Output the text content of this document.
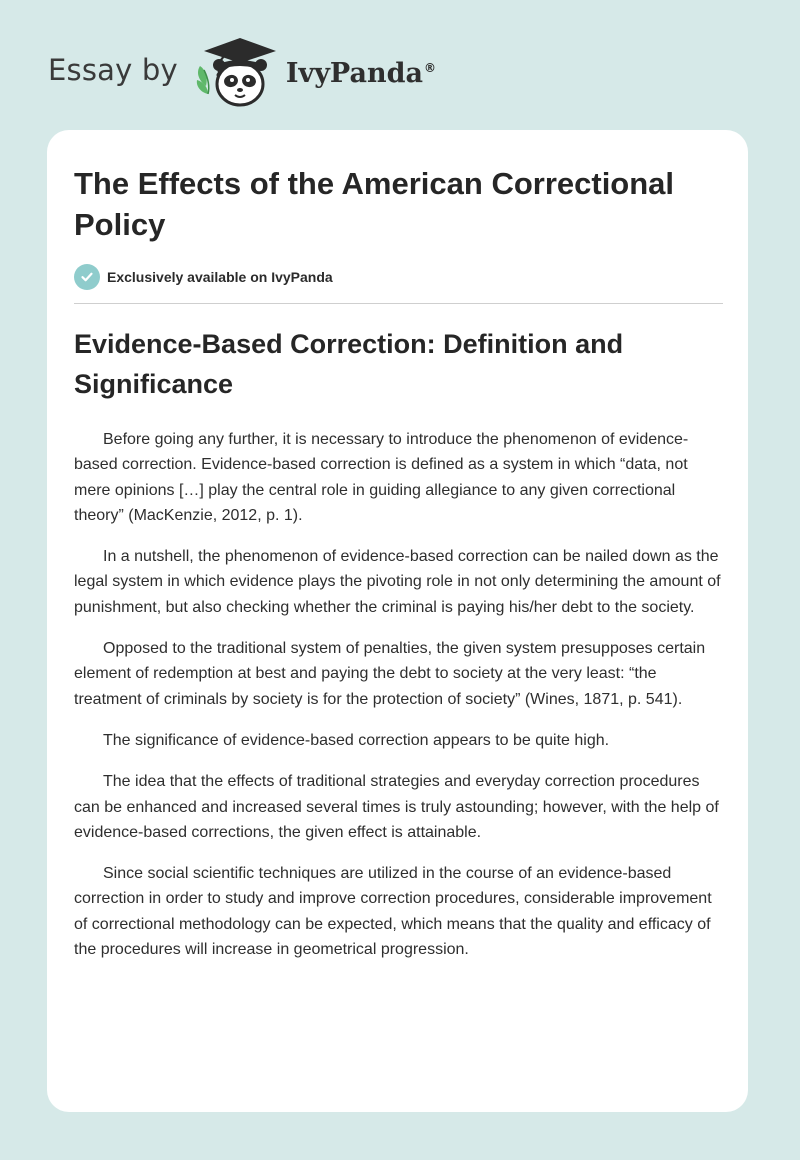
Essay by	IvyPanda®
The Effects of the American Correctional Policy
Exclusively available on IvyPanda
Evidence-Based Correction: Definition and Significance

Before going any further, it is necessary to introduce the phenomenon of evidence-based correction. Evidence-based correction is defined as a system in which “data, not mere opinions […] play the central role in guiding allegiance to any given correctional theory” (MacKenzie, 2012, p. 1).

In a nutshell, the phenomenon of evidence-based correction can be nailed down as the legal system in which evidence plays the pivoting role in not only determining the amount of punishment, but also checking whether the criminal is paying his/her debt to the society.

Opposed to the traditional system of penalties, the given system presupposes certain element of redemption at best and paying the debt to society at the very least: “the treatment of criminals by society is for the protection of society” (Wines, 1871, p. 541).

The significance of evidence-based correction appears to be quite high.

The idea that the effects of traditional strategies and everyday correction procedures can be enhanced and increased several times is truly astounding; however, with the help of evidence-based corrections, the given effect is attainable.

Since social scientific techniques are utilized in the course of an evidence-based correction in order to study and improve correction procedures, considerable improvement of correctional methodology can be expected, which means that the quality and efficacy of the procedures will increase in geometrical progression.
